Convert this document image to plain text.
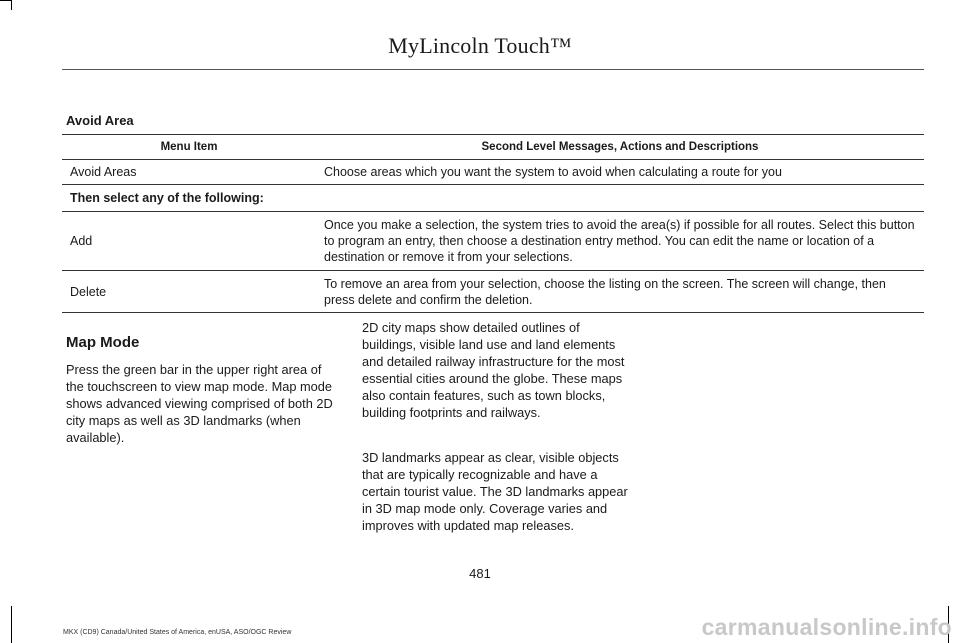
MyLincoln Touch™
Avoid Area
Menu Item	Second Level Messages, Actions and Descriptions
Avoid Areas	Choose areas which you want the system to avoid when calculating a route for you
Then select any of the following:	
Add	Once you make a selection, the system tries to avoid the area(s) if possible for all routes. Select this button to program an entry, then choose a destination entry method. You can edit the name or location of a destination or remove it from your selections.
Delete	To remove an area from your selection, choose the listing on the screen. The screen will change, then press delete and confirm the deletion.
Map Mode

Press the green bar in the upper right area of the touchscreen to view map mode. Map mode shows advanced viewing comprised of both 2D city maps as well as 3D landmarks (when available).

2D city maps show detailed outlines of buildings, visible land use and land elements and detailed railway infrastructure for the most essential cities around the globe. These maps also contain features, such as town blocks, building footprints and railways.

3D landmarks appear as clear, visible objects that are typically recognizable and have a certain tourist value. The 3D landmarks appear in 3D map mode only. Coverage varies and improves with updated map releases.

481
MKX (CD9) Canada/United States of America, enUSA, ASO/OGC Review	carmanualsonline.info
